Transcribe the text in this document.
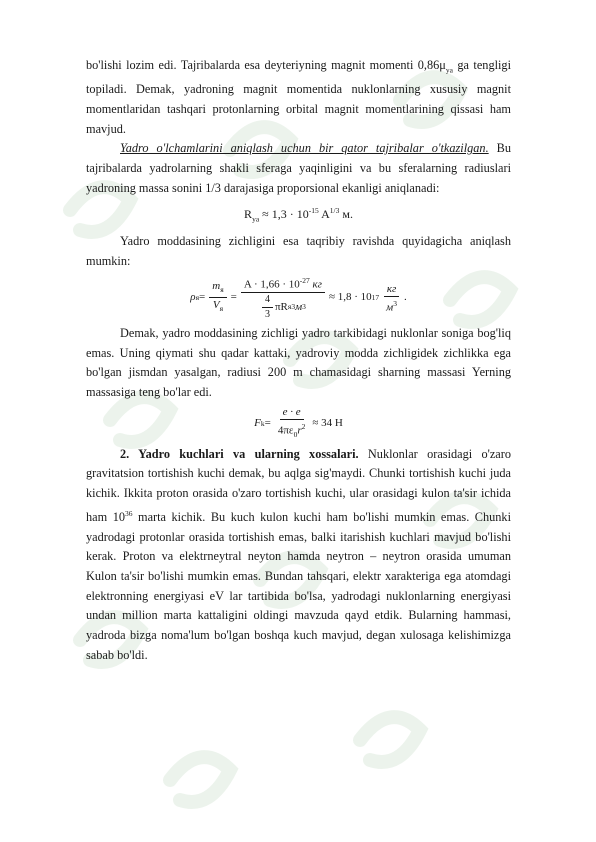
​

bo'lishi lozim edi. Tajribalarda esa deyteriyning magnit momenti $0,86\mu_{ya}$ ga tengligi topiladi. Demak, yadroning magnit momentida nuklonlarning xususiy magnit momentlaridan tashqari protonlarning orbital magnit momentlarining qissasi ham mavjud.

Yadro o'lchamlarini aniqlash uchun bir qator tajribalar o'tkazilgan. Bu tajribalarda yadrolarning shakli sferaga yaqinligini va bu sferalarning radiuslari yadroning massa sonini 1/3 darajasiga proporsional ekanligi aniqlanadi:

$R_{ya} \approx 1,3 \cdot 10^{-15}$ $A^{1/3}$ м.

Yadro moddasining zichligini esa taqribiy ravishda quyidagicha aniqlash mumkin:

ρ $я = \frac{m_я}{V_я} = \frac{A \cdot 1,66 \cdot 10^{-27} кг}{\frac{4}{3} \pi R я 3 м 3} \approx 1,8 \cdot 10$ $17 \frac{кг}{м^3}$ .

Demak, yadro moddasining zichligi yadro tarkibidagi nuklonlar soniga bog'liq emas. Uning qiymati shu qadar kattaki, yadroviy modda zichligidek zichlikka ega bo'lgan jismdan yasalgan, radiusi 200 m chamasidagi sharning massasi Yerning massasiga teng bo'lar edi.

F $k = \frac{e \cdot e}{4\pi\varepsilon_0r^2} \approx 34$ Н

2. Yadro kuchlari va ularning xossalari. Nuklonlar orasidagi o'zaro gravitatsion tortishish kuchi demak, bu aqlga sig'maydi. Chunki tortishish kuchi juda kichik. Ikkita proton orasida o'zaro tortishish kuchi, ular orasidagi kulon ta'sir ichida ham $10^{36}$ marta kichik. Bu kuch kulon kuchi ham bo'lishi mumkin emas. Chunki yadrodagi protonlar orasida tortishish emas, balki itarishish kuchlari mavjud bo'lishi kerak. Proton va elektrneytral neyton hamda neytron – neytron orasida umuman Kulon ta'sir bo'lishi mumkin emas. Bundan tahsqari, elektr xarakteriga ega atomdagi elektronning energiyasi eV lar tartibida bo'lsa, yadrodagi nuklonlarning energiyasi undan million marta kattaligini oldingi mavzuda qayd etdik. Bularning hammasi, yadroda bizga noma'lum bo'lgan boshqa kuch mavjud, degan xulosaga kelishimizga sabab bo'ldi.
